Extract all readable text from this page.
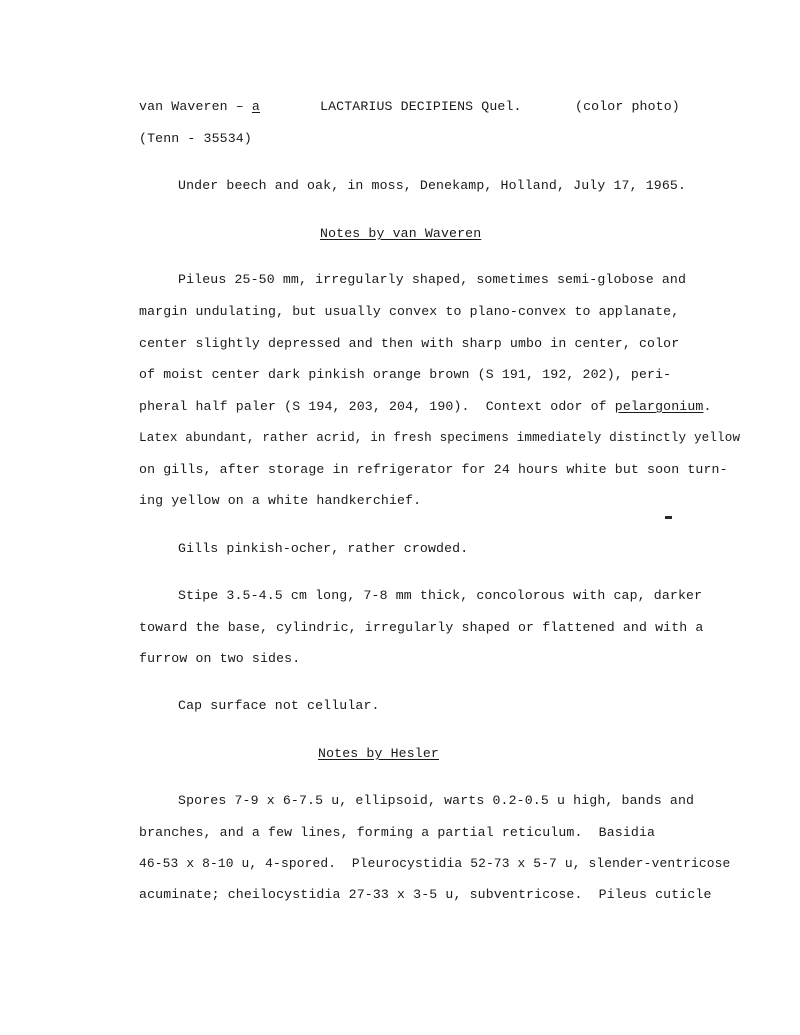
van Waveren – a	LACTARIUS DECIPIENS Quel.	(color photo)
(Tenn - 35534)
Under beech and oak, in moss, Denekamp, Holland, July 17, 1965.
Notes by van Waveren
Pileus 25-50 mm, irregularly shaped, sometimes semi-globose and
margin undulating, but usually convex to plano-convex to applanate,
center slightly depressed and then with sharp umbo in center, color
of moist center dark pinkish orange brown (S 191, 192, 202), peri-
pheral half paler (S 194, 203, 204, 190).  Context odor of pelargonium.
Latex abundant, rather acrid, in fresh specimens immediately distinctly yellow
on gills, after storage in refrigerator for 24 hours white but soon turn-
ing yellow on a white handkerchief.
Gills pinkish-ocher, rather crowded.
Stipe 3.5-4.5 cm long, 7-8 mm thick, concolorous with cap, darker
toward the base, cylindric, irregularly shaped or flattened and with a
furrow on two sides.
Cap surface not cellular.
Notes by Hesler
Spores 7-9 x 6-7.5 u, ellipsoid, warts 0.2-0.5 u high, bands and
branches, and a few lines, forming a partial reticulum.  Basidia
46-53 x 8-10 u, 4-spored.  Pleurocystidia 52-73 x 5-7 u, slender-ventricose
acuminate; cheilocystidia 27-33 x 3-5 u, subventricose.  Pileus cuticle
